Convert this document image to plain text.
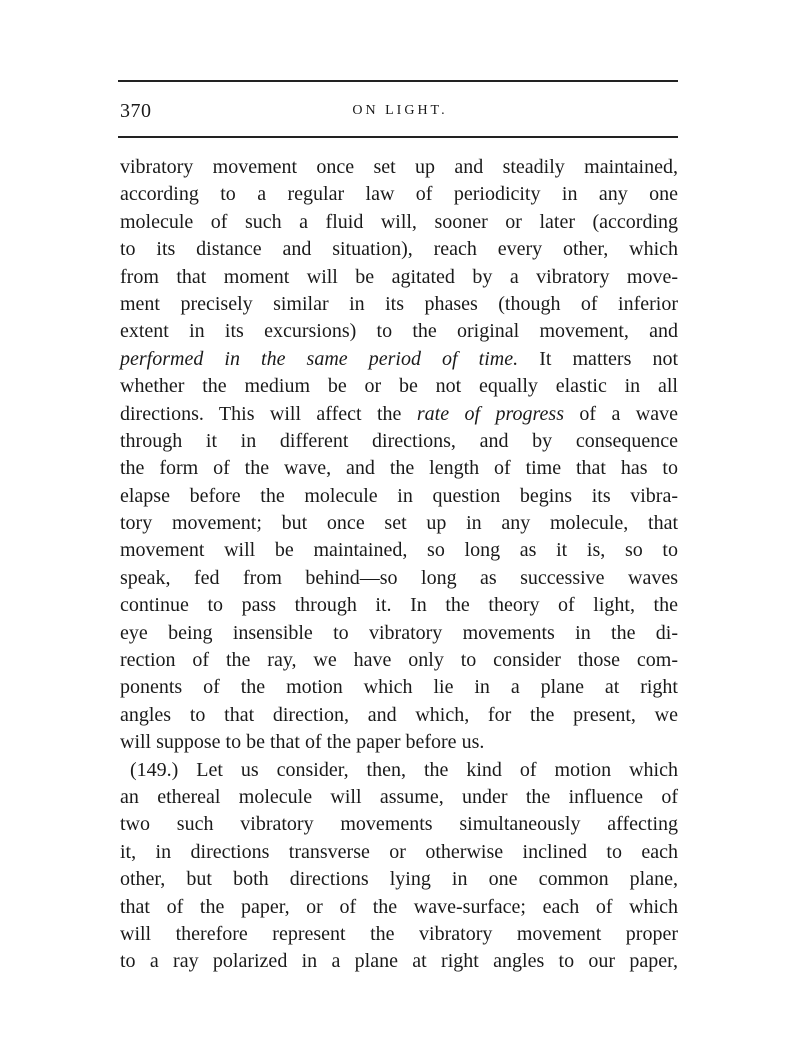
370	ON LIGHT.
vibratory movement once set up and steadily maintained,
according to a regular law of periodicity in any one
molecule of such a fluid will, sooner or later (according
to its distance and situation), reach every other, which
from that moment will be agitated by a vibratory move-
ment precisely similar in its phases (though of inferior
extent in its excursions) to the original movement, and
performed in the same period of time. It matters not
whether the medium be or be not equally elastic in all
directions. This will affect the rate of progress of a wave
through it in different directions, and by consequence
the form of the wave, and the length of time that has to
elapse before the molecule in question begins its vibra-
tory movement; but once set up in any molecule, that
movement will be maintained, so long as it is, so to
speak, fed from behind—so long as successive waves
continue to pass through it. In the theory of light, the
eye being insensible to vibratory movements in the di-
rection of the ray, we have only to consider those com-
ponents of the motion which lie in a plane at right
angles to that direction, and which, for the present, we
will suppose to be that of the paper before us.
(149.) Let us consider, then, the kind of motion which
an ethereal molecule will assume, under the influence of
two such vibratory movements simultaneously affecting
it, in directions transverse or otherwise inclined to each
other, but both directions lying in one common plane,
that of the paper, or of the wave-surface; each of which
will therefore represent the vibratory movement proper
to a ray polarized in a plane at right angles to our paper,
